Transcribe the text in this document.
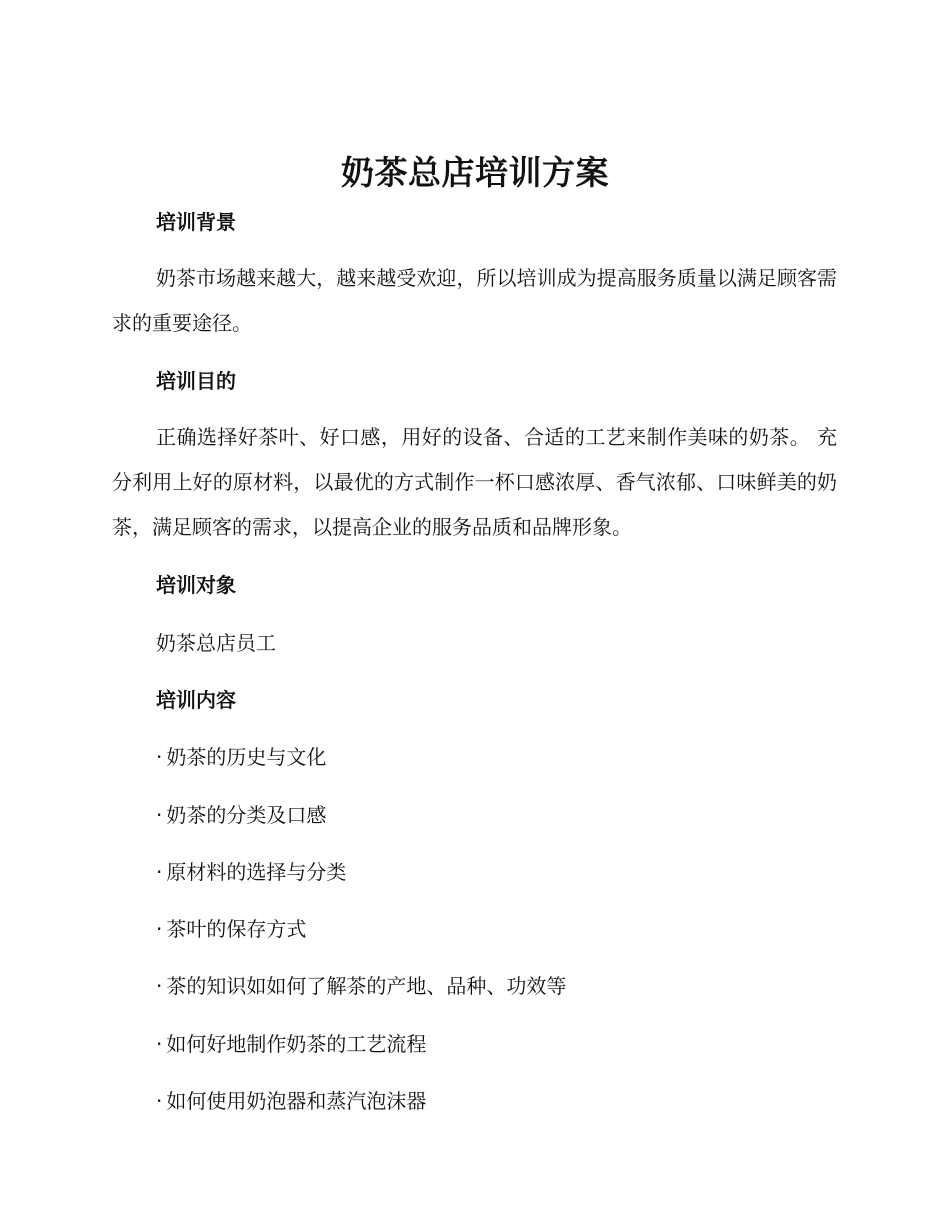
奶茶总店培训方案
培训背景
奶茶市场越来越大，越来越受欢迎，所以培训成为提高服务质量以满足顾客需求的重要途径。
培训目的
正确选择好茶叶、好口感，用好的设备、合适的工艺来制作美味的奶茶。 充分利用上好的原材料，以最优的方式制作一杯口感浓厚、香气浓郁、口味鲜美的奶茶，满足顾客的需求，以提高企业的服务品质和品牌形象。
培训对象
奶茶总店员工
培训内容
· 奶茶的历史与文化
· 奶茶的分类及口感
· 原材料的选择与分类
· 茶叶的保存方式
· 茶的知识如如何了解茶的产地、品种、功效等
· 如何好地制作奶茶的工艺流程
· 如何使用奶泡器和蒸汽泡沫器
